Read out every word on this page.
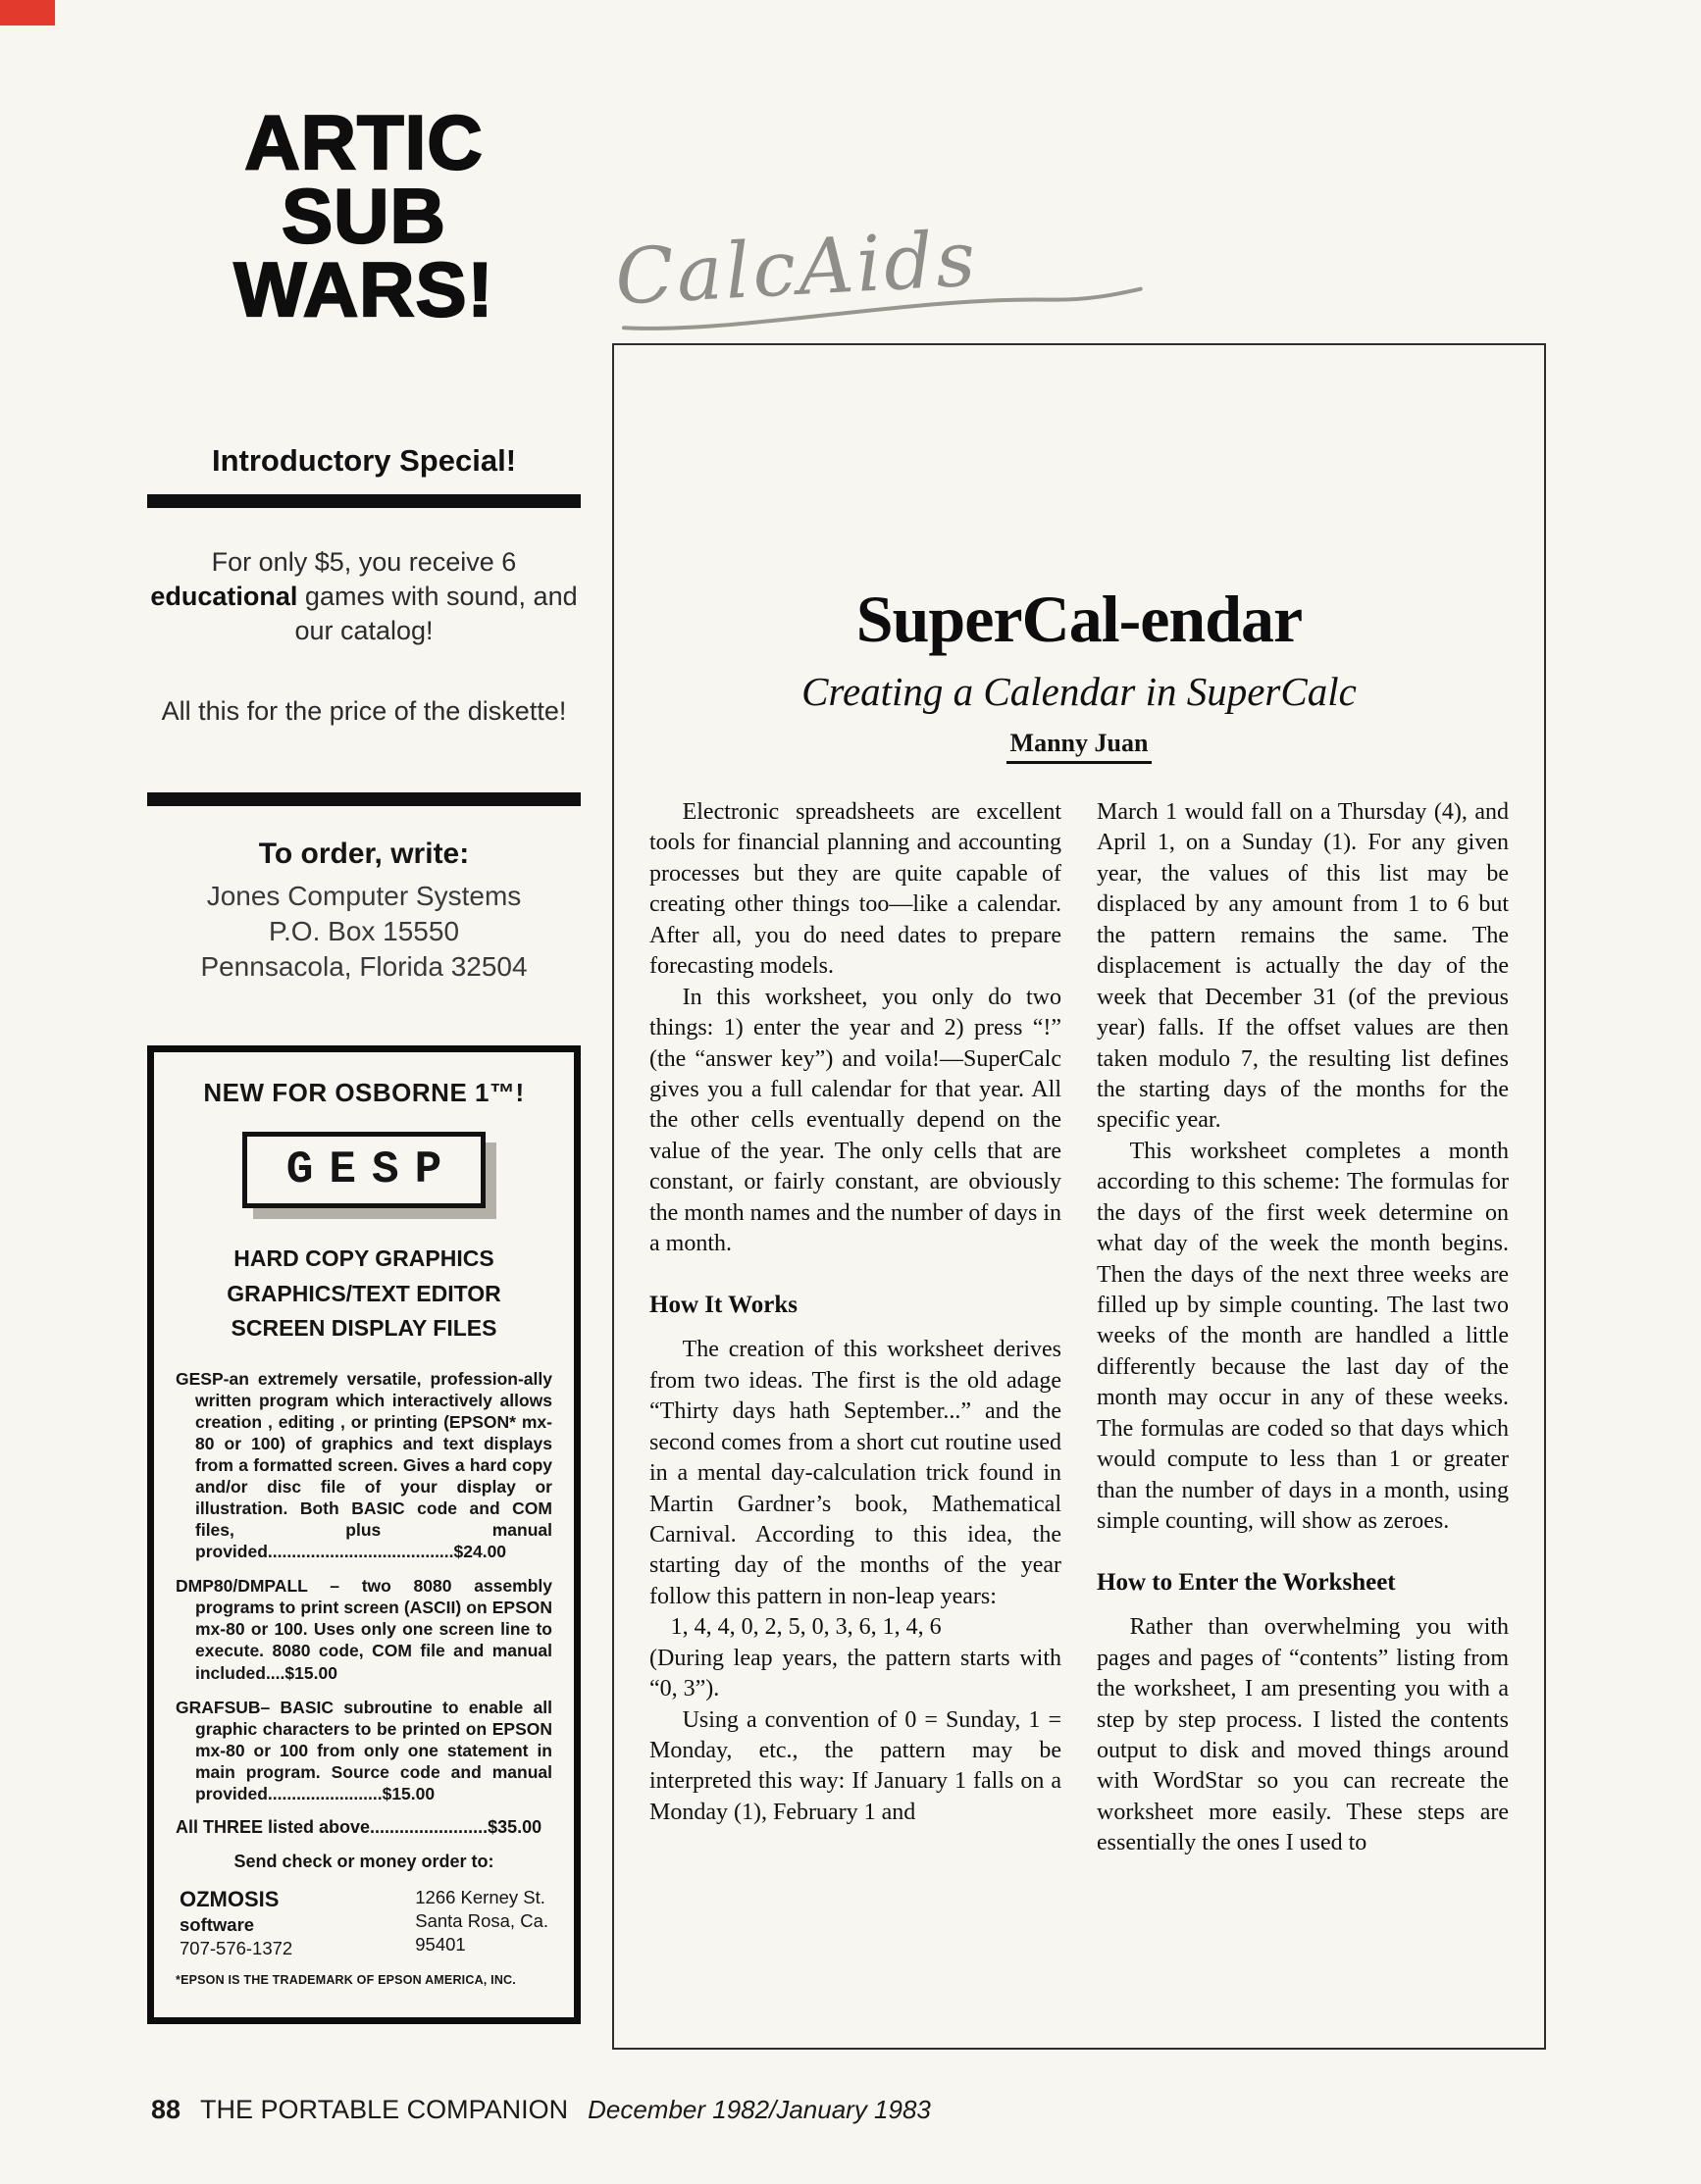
ARTIC
SUB
WARS!
Introductory Special!
For only $5, you receive 6 educational games with sound, and our catalog!
All this for the price of the diskette!
To order, write:
Jones Computer Systems
P.O. Box 15550
Pennsacola, Florida 32504
NEW FOR OSBORNE 1™!
GESP
HARD COPY GRAPHICS
GRAPHICS/TEXT EDITOR
SCREEN DISPLAY FILES
GESP-an extremely versatile, profession-ally written program which interactively allows creation , editing , or printing (EPSON* mx-80 or 100) of graphics and text displays from a formatted screen. Gives a hard copy and/or disc file of your display or illustration. Both BASIC code and COM files, plus manual provided.......................................$24.00
DMP80/DMPALL – two 8080 assembly programs to print screen (ASCII) on EPSON mx-80 or 100. Uses only one screen line to execute. 8080 code, COM file and manual included....$15.00
GRAFSUB– BASIC subroutine to enable all graphic characters to be printed on EPSON mx-80 or 100 from only one statement in main program. Source code and manual provided........................$15.00
All THREE listed above........................$35.00
Send check or money order to:
OZMOSIS
software
707-576-1372
1266 Kerney St.
Santa Rosa, Ca.
95401
*EPSON IS THE TRADEMARK OF EPSON AMERICA, INC.
CalcAids
SuperCal-endar
Creating a Calendar in SuperCalc
Manny Juan

Electronic spreadsheets are excellent tools for financial planning and accounting processes but they are quite capable of creating other things too—like a calendar. After all, you do need dates to prepare forecasting models.

In this worksheet, you only do two things: 1) enter the year and 2) press “!” (the “answer key”) and voila!—SuperCalc gives you a full calendar for that year. All the other cells eventually depend on the value of the year. The only cells that are constant, or fairly constant, are obviously the month names and the number of days in a month.

How It Works

The creation of this worksheet derives from two ideas. The first is the old adage “Thirty days hath September...” and the second comes from a short cut routine used in a mental day-calculation trick found in Martin Gardner’s book, Mathematical Carnival. According to this idea, the starting day of the months of the year follow this pattern in non-leap years:

1, 4, 4, 0, 2, 5, 0, 3, 6, 1, 4, 6

(During leap years, the pattern starts with “0, 3”).

Using a convention of 0 = Sunday, 1 = Monday, etc., the pattern may be interpreted this way: If January 1 falls on a Monday (1), February 1 and

March 1 would fall on a Thursday (4), and April 1, on a Sunday (1). For any given year, the values of this list may be displaced by any amount from 1 to 6 but the pattern remains the same. The displacement is actually the day of the week that December 31 (of the previous year) falls. If the offset values are then taken modulo 7, the resulting list defines the starting days of the months for the specific year.

This worksheet completes a month according to this scheme: The formulas for the days of the first week determine on what day of the week the month begins. Then the days of the next three weeks are filled up by simple counting. The last two weeks of the month are handled a little differently because the last day of the month may occur in any of these weeks. The formulas are coded so that days which would compute to less than 1 or greater than the number of days in a month, using simple counting, will show as zeroes.

How to Enter the Worksheet

Rather than overwhelming you with pages and pages of “contents” listing from the worksheet, I am presenting you with a step by step process. I listed the contents output to disk and moved things around with WordStar so you can recreate the worksheet more easily. These steps are essentially the ones I used to

88 THE PORTABLE COMPANION December 1982/January 1983
